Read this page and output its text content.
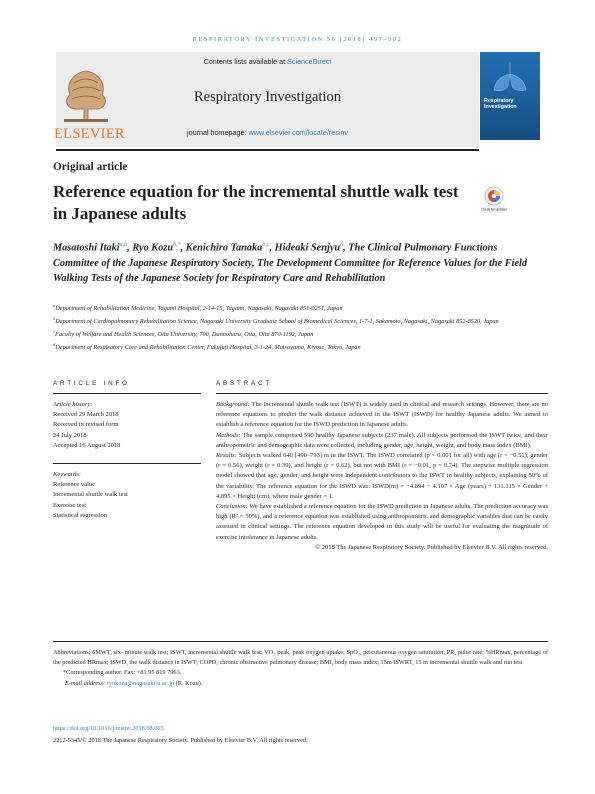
RESPIRATORY INVESTIGATION 56 (2018) 497–502
Contents lists available at ScienceDirect
Respiratory Investigation
journal homepage: www.elsevier.com/locate/resinv
ELSEVIER
Respiratory
Investigation
Original article
Reference equation for the incremental shuttle walk test in Japanese adults	Check for updates
Masatoshi Itaki$^{a,b}$, Ryo Kozu$^{b,*}$, Kenichiro Tanaka$^{b,c}$, Hideaki Senjyu$^d$, The Clinical Pulmonary Functions Committee of the Japanese Respiratory Society, The Development Committee for Reference Values for the Field Walking Tests of the Japanese Society for Respiratory Care and Rehabilitation
$^a$Department of Rehabilitation Medicine, Tagami Hospital, 2-14-15, Tagami, Nagasaki, Nagasaki 851-0251, Japan
$^b$Department of Cardiopulmonary Rehabilitation Science, Nagasaki University Graduate School of Biomedical Sciences, 1-7-1, Sakamoto, Nagasaki, Nagasaki 852-8520, Japan
$^c$Faculty of Welfare and Health Sciences, Oita University, 700, Dannoharu, Oita, Oita 870-1192, Japan
$^d$Department of Respiratory Care and Rehabilitation Center, Fukujuji Hospital, 3-1-24, Matsuyama, Kiyose, Tokyo, Japan
ARTICLE INFO	ABSTRACT
Article history:
Received 29 March 2018
Received in revised form
24 July 2018
Accepted 16 August 2018
Keywords:
Reference value
Incremental shuttle walk test
Exercise test
Statistical regression

Background: The incremental shuttle walk test (ISWT) is widely used in clinical and research settings. However, there are no reference equations to predict the walk distance achieved in the ISWT (ISWD) for healthy Japanese adults. We aimed to establish a reference equation for the ISWD prediction in Japanese adults.

Methods: The sample comprised 590 healthy Japanese subjects (237 male). All subjects performed the ISWT twice, and their anthropometric and demographic data were collected, including gender, age, height, weight, and body mass index (BMI).

Results: Subjects walked 640 [490–793] m in the ISWT. The ISWD correlated (p < 0.001 for all) with age (r = −0.51), gender (r = 0.56), weight (r = 0.39), and height (r = 0.62), but not with BMI (r = −0.01, p = 0.74). The stepwise multiple regression model showed that age, gender, and height were independent contributors to the ISWT in healthy subjects, explaining 50% of the variability. The reference equation for the ISWD was: ISWD(m) = −4.894 − 4.107 × Age (years) + 131.115 × Gender + 4.895 × Height (cm), where male gender = 1.

Conclusion: We have established a reference equation for the ISWD prediction in Japanese adults. The prediction accuracy was high (R² = 50%), and a reference equation was established using anthropometric and demographic variables that can be easily assessed in clinical settings. The reference equation developed in this study will be useful for evaluating the magnitude of exercise intolerance in Japanese adults.

© 2018 The Japanese Respiratory Society. Published by Elsevier B.V. All rights reserved.

Abbreviations: 6MWT, six- minute walk test; ISWT, incremental shuttle walk test; VO₂ peak, peak oxygen uptake; SpO₂, percutaneous oxygen saturation; PR, pulse rate; %HRmax, percentage of the predicted HRmax; ISWD, the walk distance in ISWT; COPD, chronic obstructive pulmonary disease; BMI, body mass index; 15m ISWRT, 15 m incremental shuttle walk and run test

*Corresponding author. Fax: +81 95 819 7963.

E-mail address: ryokozu@nagasaki-u.ac.jp (R. Kozu).

https://doi.org/10.1016/j.resinv.2018.08.005
2212-5345/© 2018 The Japanese Respiratory Society. Published by Elsevier B.V. All rights reserved.
